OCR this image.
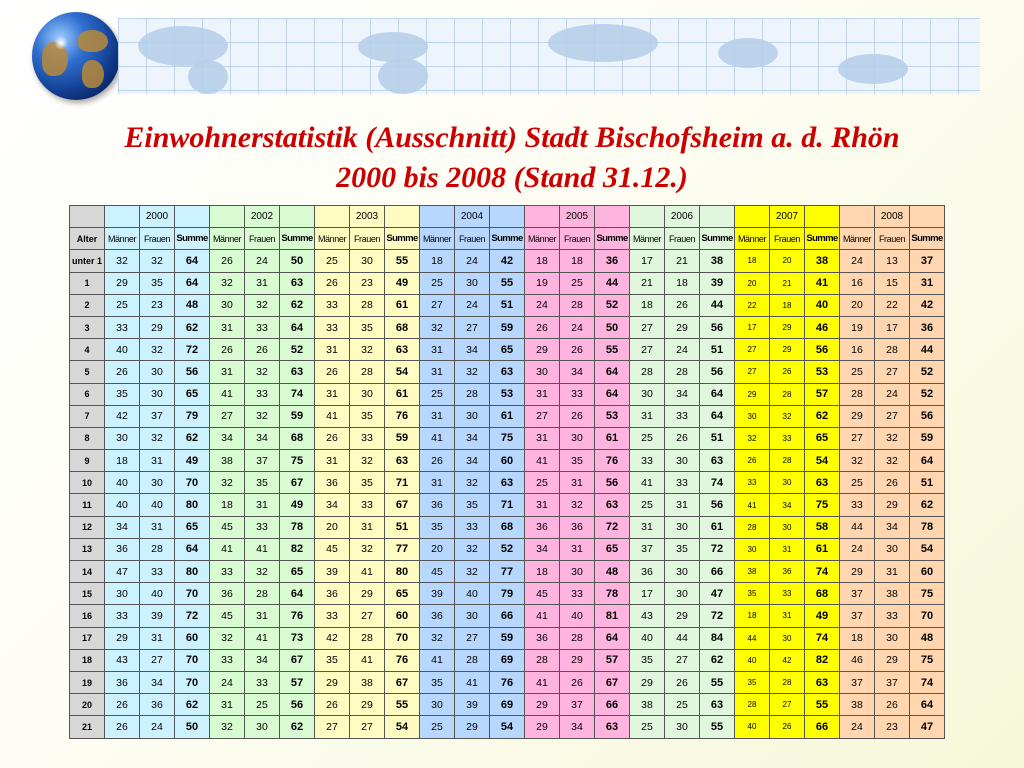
Einwohnerstatistik (Ausschnitt) Stadt Bischofsheim a. d. Rhön
2000 bis 2008 (Stand 31.12.)
		2000			2002			2003			2004			2005			2006			2007			2008	
Alter	Männer	Frauen	Summe	Männer	Frauen	Summe	Männer	Frauen	Summe	Männer	Frauen	Summe	Männer	Frauen	Summe	Männer	Frauen	Summe	Männer	Frauen	Summe	Männer	Frauen	Summe
unter 1	32	32	64	26	24	50	25	30	55	18	24	42	18	18	36	17	21	38	18	20	38	24	13	37
1	29	35	64	32	31	63	26	23	49	25	30	55	19	25	44	21	18	39	20	21	41	16	15	31
2	25	23	48	30	32	62	33	28	61	27	24	51	24	28	52	18	26	44	22	18	40	20	22	42
3	33	29	62	31	33	64	33	35	68	32	27	59	26	24	50	27	29	56	17	29	46	19	17	36
4	40	32	72	26	26	52	31	32	63	31	34	65	29	26	55	27	24	51	27	29	56	16	28	44
5	26	30	56	31	32	63	26	28	54	31	32	63	30	34	64	28	28	56	27	26	53	25	27	52
6	35	30	65	41	33	74	31	30	61	25	28	53	31	33	64	30	34	64	29	28	57	28	24	52
7	42	37	79	27	32	59	41	35	76	31	30	61	27	26	53	31	33	64	30	32	62	29	27	56
8	30	32	62	34	34	68	26	33	59	41	34	75	31	30	61	25	26	51	32	33	65	27	32	59
9	18	31	49	38	37	75	31	32	63	26	34	60	41	35	76	33	30	63	26	28	54	32	32	64
10	40	30	70	32	35	67	36	35	71	31	32	63	25	31	56	41	33	74	33	30	63	25	26	51
11	40	40	80	18	31	49	34	33	67	36	35	71	31	32	63	25	31	56	41	34	75	33	29	62
12	34	31	65	45	33	78	20	31	51	35	33	68	36	36	72	31	30	61	28	30	58	44	34	78
13	36	28	64	41	41	82	45	32	77	20	32	52	34	31	65	37	35	72	30	31	61	24	30	54
14	47	33	80	33	32	65	39	41	80	45	32	77	18	30	48	36	30	66	38	36	74	29	31	60
15	30	40	70	36	28	64	36	29	65	39	40	79	45	33	78	17	30	47	35	33	68	37	38	75
16	33	39	72	45	31	76	33	27	60	36	30	66	41	40	81	43	29	72	18	31	49	37	33	70
17	29	31	60	32	41	73	42	28	70	32	27	59	36	28	64	40	44	84	44	30	74	18	30	48
18	43	27	70	33	34	67	35	41	76	41	28	69	28	29	57	35	27	62	40	42	82	46	29	75
19	36	34	70	24	33	57	29	38	67	35	41	76	41	26	67	29	26	55	35	28	63	37	37	74
20	26	36	62	31	25	56	26	29	55	30	39	69	29	37	66	38	25	63	28	27	55	38	26	64
21	26	24	50	32	30	62	27	27	54	25	29	54	29	34	63	25	30	55	40	26	66	24	23	47
